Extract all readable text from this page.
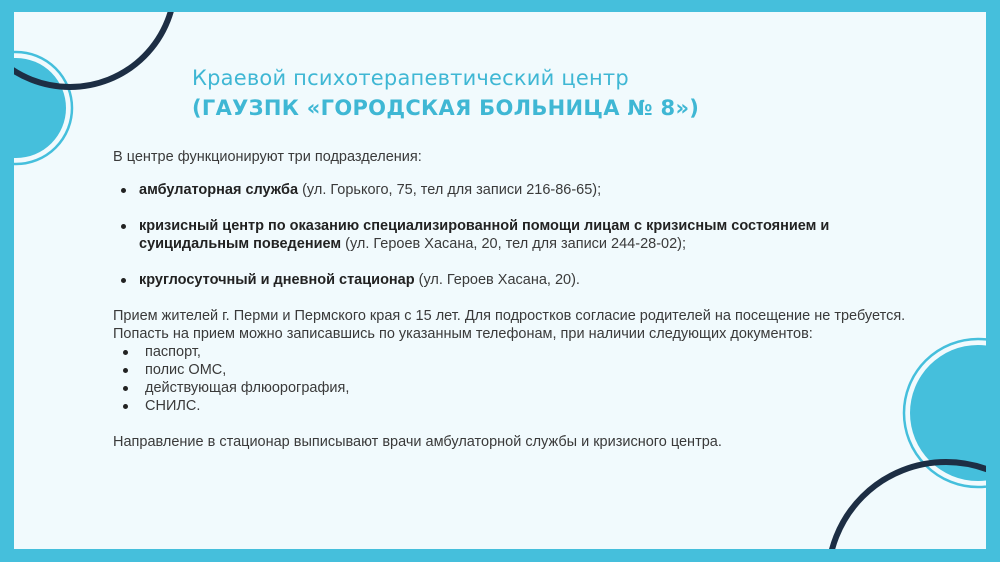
Краевой психотерапевтический центр
(ГАУЗПК «ГОРОДСКАЯ БОЛЬНИЦА № 8»)

В центре функционируют три подразделения:

амбулаторная служба (ул. Горького, 75, тел для записи 216-86-65);
кризисный центр по оказанию специализированной помощи лицам с кризисным состоянием и суицидальным поведением (ул. Героев Хасана, 20, тел для записи 244-28-02);
круглосуточный и дневной стационар (ул. Героев Хасана, 20).

Прием жителей г. Перми и Пермского края с 15 лет. Для подростков согласие родителей на посещение не требуется.

Попасть на прием можно записавшись по указанным телефонам, при наличии следующих документов:

паспорт,
полис ОМС,
действующая флюорография,
СНИЛС.

Направление в стационар выписывают врачи амбулаторной службы и кризисного центра.
